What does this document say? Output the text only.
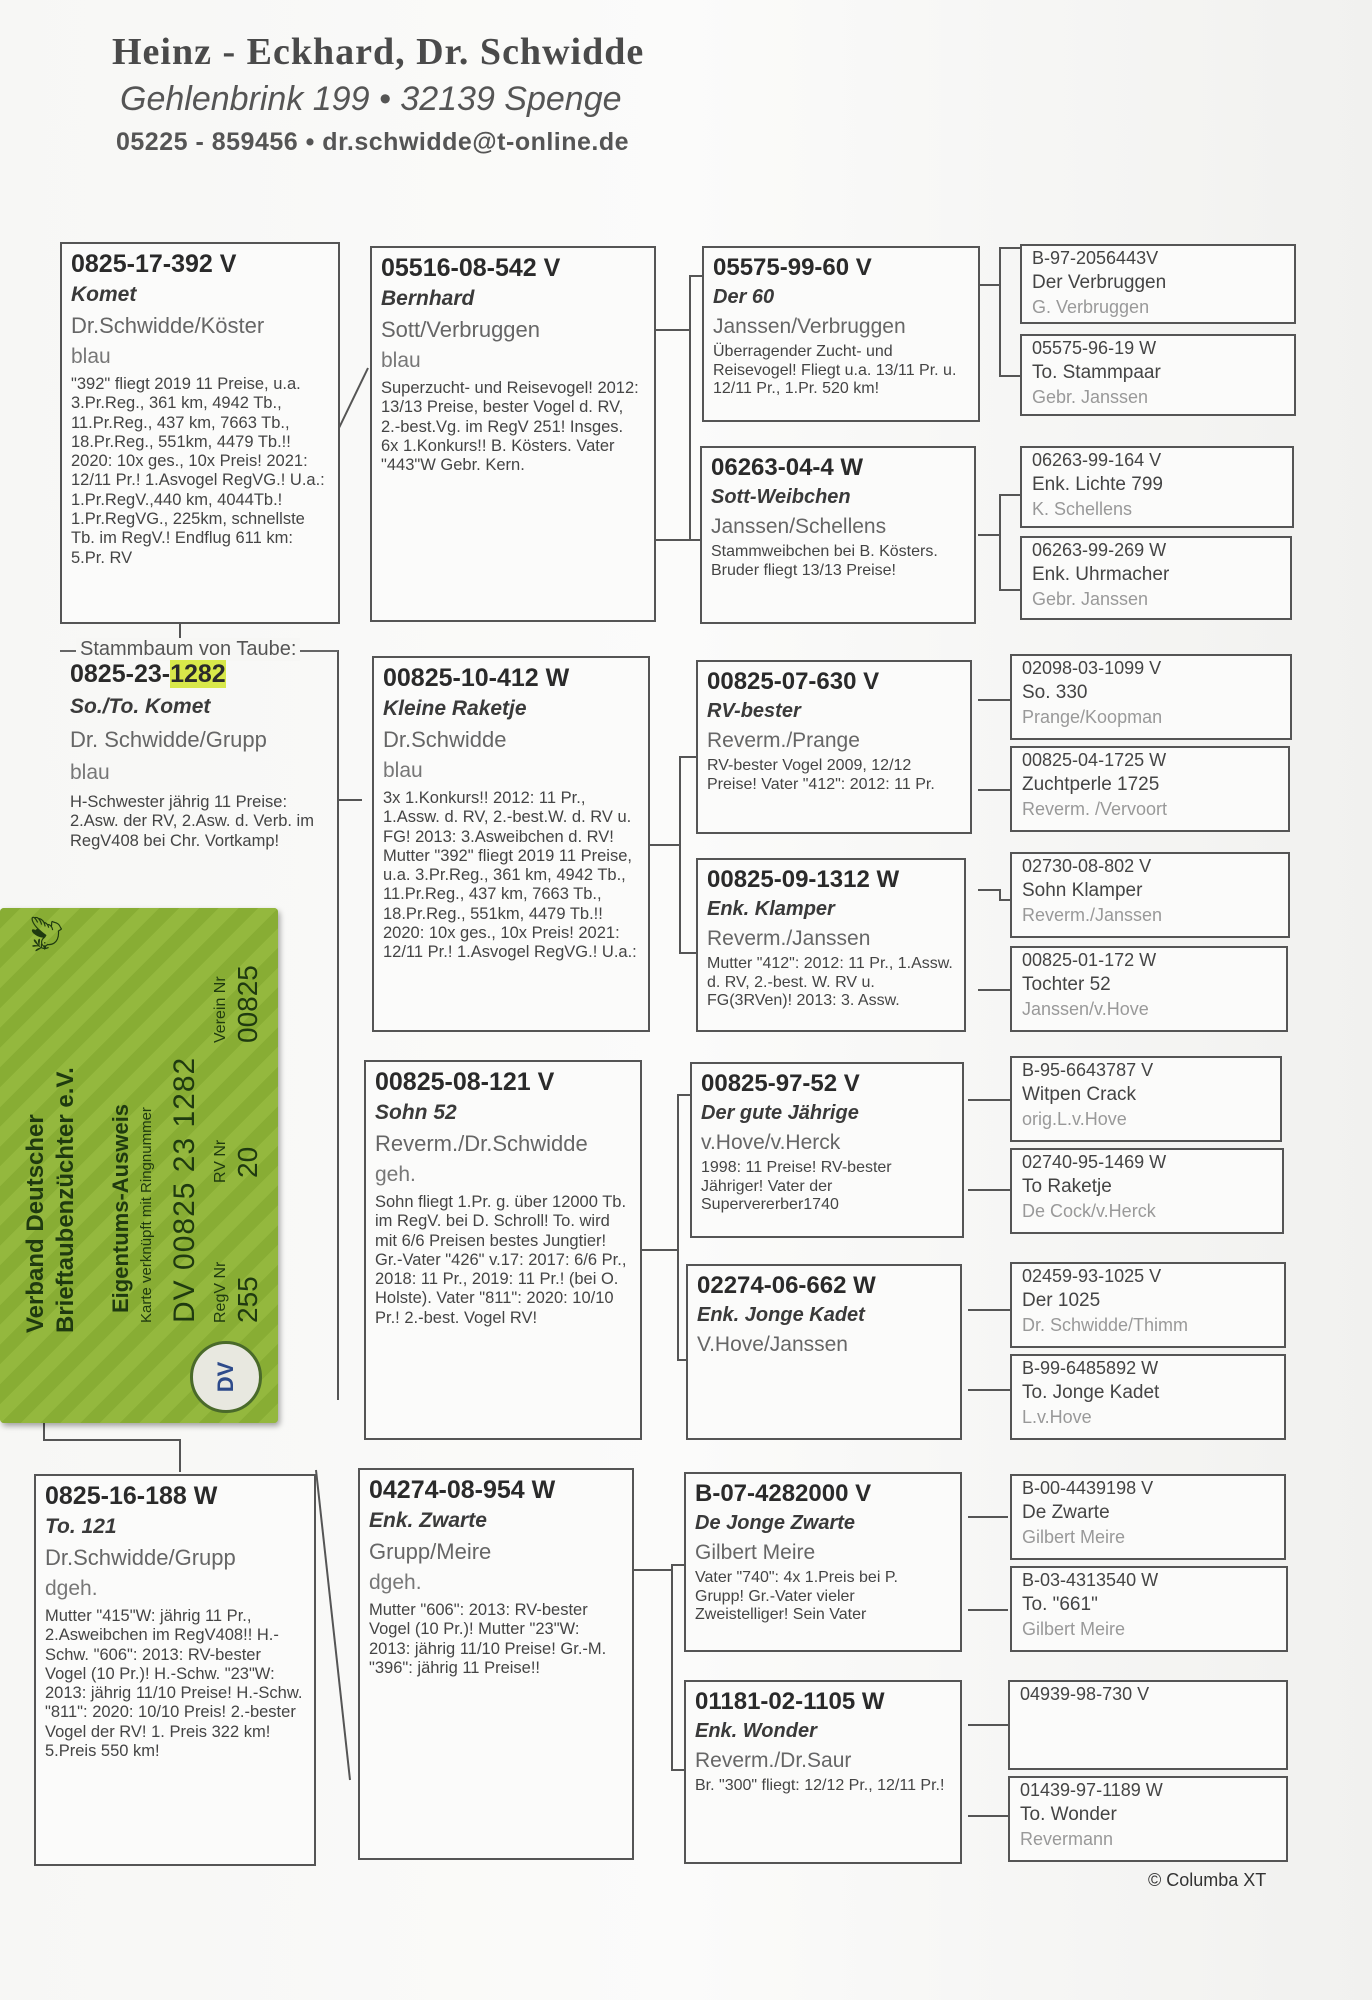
Heinz - Eckhard, Dr. Schwidde
Gehlenbrink 199 • 32139 Spenge
05225 - 859456 • dr.schwidde@t-online.de
0825-17-392 V
Komet
Dr.Schwidde/Köster
blau
"392" fliegt 2019 11 Preise, u.a. 3.Pr.Reg., 361 km, 4942 Tb., 11.Pr.Reg., 437 km, 7663 Tb., 18.Pr.Reg., 551km, 4479 Tb.!! 2020: 10x ges., 10x Preis! 2021: 12/11 Pr.! 1.Asvogel RegVG.! U.a.: 1.Pr.RegV.,440 km, 4044Tb.! 1.Pr.RegVG., 225km, schnellste Tb. im RegV.! Endflug 611 km: 5.Pr. RV
Stammbaum von Taube:
0825-23-1282
So./To. Komet
Dr. Schwidde/Grupp
blau
H-Schwester jährig 11 Preise: 2.Asw. der RV, 2.Asw. d. Verb. im RegV408 bei Chr. Vortkamp!
0825-16-188 W
To. 121
Dr.Schwidde/Grupp
dgeh.
Mutter "415"W: jährig 11 Pr., 2.Asweibchen im RegV408!! H.-Schw. "606": 2013: RV-bester Vogel (10 Pr.)! H.-Schw. "23"W: 2013: jährig 11/10 Preise! H.-Schw. "811": 2020: 10/10 Preis! 2.-bester Vogel der RV! 1. Preis 322 km! 5.Preis 550 km!
05516-08-542 V
Bernhard
Sott/Verbruggen
blau
Superzucht- und Reisevogel! 2012: 13/13 Preise, bester Vogel d. RV, 2.-best.Vg. im RegV 251! Insges. 6x 1.Konkurs!! B. Kösters. Vater "443"W Gebr. Kern.
00825-10-412 W
Kleine Raketje
Dr.Schwidde
blau
3x 1.Konkurs!! 2012: 11 Pr., 1.Assw. d. RV, 2.-best.W. d. RV u. FG! 2013: 3.Asweibchen d. RV! Mutter "392" fliegt 2019 11 Preise, u.a. 3.Pr.Reg., 361 km, 4942 Tb., 11.Pr.Reg., 437 km, 7663 Tb., 18.Pr.Reg., 551km, 4479 Tb.!! 2020: 10x ges., 10x Preis! 2021: 12/11 Pr.! 1.Asvogel RegVG.! U.a.:
00825-08-121 V
Sohn 52
Reverm./Dr.Schwidde
geh.
Sohn fliegt 1.Pr. g. über 12000 Tb. im RegV. bei D. Schroll! To. wird mit 6/6 Preisen bestes Jungtier! Gr.-Vater "426" v.17: 2017: 6/6 Pr., 2018: 11 Pr., 2019: 11 Pr.! (bei O. Holste). Vater "811": 2020: 10/10 Pr.! 2.-best. Vogel RV!
04274-08-954 W
Enk. Zwarte
Grupp/Meire
dgeh.
Mutter "606": 2013: RV-bester Vogel (10 Pr.)! Mutter "23"W: 2013: jährig 11/10 Preise! Gr.-M. "396": jährig 11 Preise!!
05575-99-60 V
Der 60
Janssen/Verbruggen
Überragender Zucht- und Reisevogel! Fliegt u.a. 13/11 Pr. u. 12/11 Pr., 1.Pr. 520 km!
06263-04-4 W
Sott-Weibchen
Janssen/Schellens
Stammweibchen bei B. Kösters. Bruder fliegt 13/13 Preise!
00825-07-630 V
RV-bester
Reverm./Prange
RV-bester Vogel 2009, 12/12 Preise! Vater "412": 2012: 11 Pr.
00825-09-1312 W
Enk. Klamper
Reverm./Janssen
Mutter "412": 2012: 11 Pr., 1.Assw. d. RV, 2.-best. W. RV u. FG(3RVen)! 2013: 3. Assw.
00825-97-52 V
Der gute Jährige
v.Hove/v.Herck
1998: 11 Preise! RV-bester Jähriger! Vater der Supervererber1740
02274-06-662 W
Enk. Jonge Kadet
V.Hove/Janssen
B-07-4282000 V
De Jonge Zwarte
Gilbert Meire
Vater "740": 4x 1.Preis bei P. Grupp! Gr.-Vater vieler Zweistelliger! Sein Vater
01181-02-1105 W
Enk. Wonder
Reverm./Dr.Saur
Br. "300" fliegt: 12/12 Pr., 12/11 Pr.!
B-97-2056443V
Der Verbruggen
G. Verbruggen
05575-96-19 W
To. Stammpaar
Gebr. Janssen
06263-99-164 V
Enk. Lichte 799
K. Schellens
06263-99-269 W
Enk. Uhrmacher
Gebr. Janssen
02098-03-1099 V
So. 330
Prange/Koopman
00825-04-1725 W
Zuchtperle 1725
Reverm. /Vervoort
02730-08-802 V
Sohn Klamper
Reverm./Janssen
00825-01-172 W
Tochter 52
Janssen/v.Hove
B-95-6643787 V
Witpen Crack
orig.L.v.Hove
02740-95-1469 W
To Raketje
De Cock/v.Herck
02459-93-1025 V
Der 1025
Dr. Schwidde/Thimm
B-99-6485892 W
To. Jonge Kadet
L.v.Hove
B-00-4439198 V
De Zwarte
Gilbert Meire
B-03-4313540 W
To. "661"
Gilbert Meire
04939-98-730 V
01439-97-1189 W
To. Wonder
Revermann
DV
Verband Deutscher Brieftaubenzüchter e.V.
🕊
Eigentums-Ausweis Karte verknüpft mit Ringnummer DV 00825 23 1282 RegV Nr 255
RV Nr 20
Verein Nr 00825
© Columba XT
